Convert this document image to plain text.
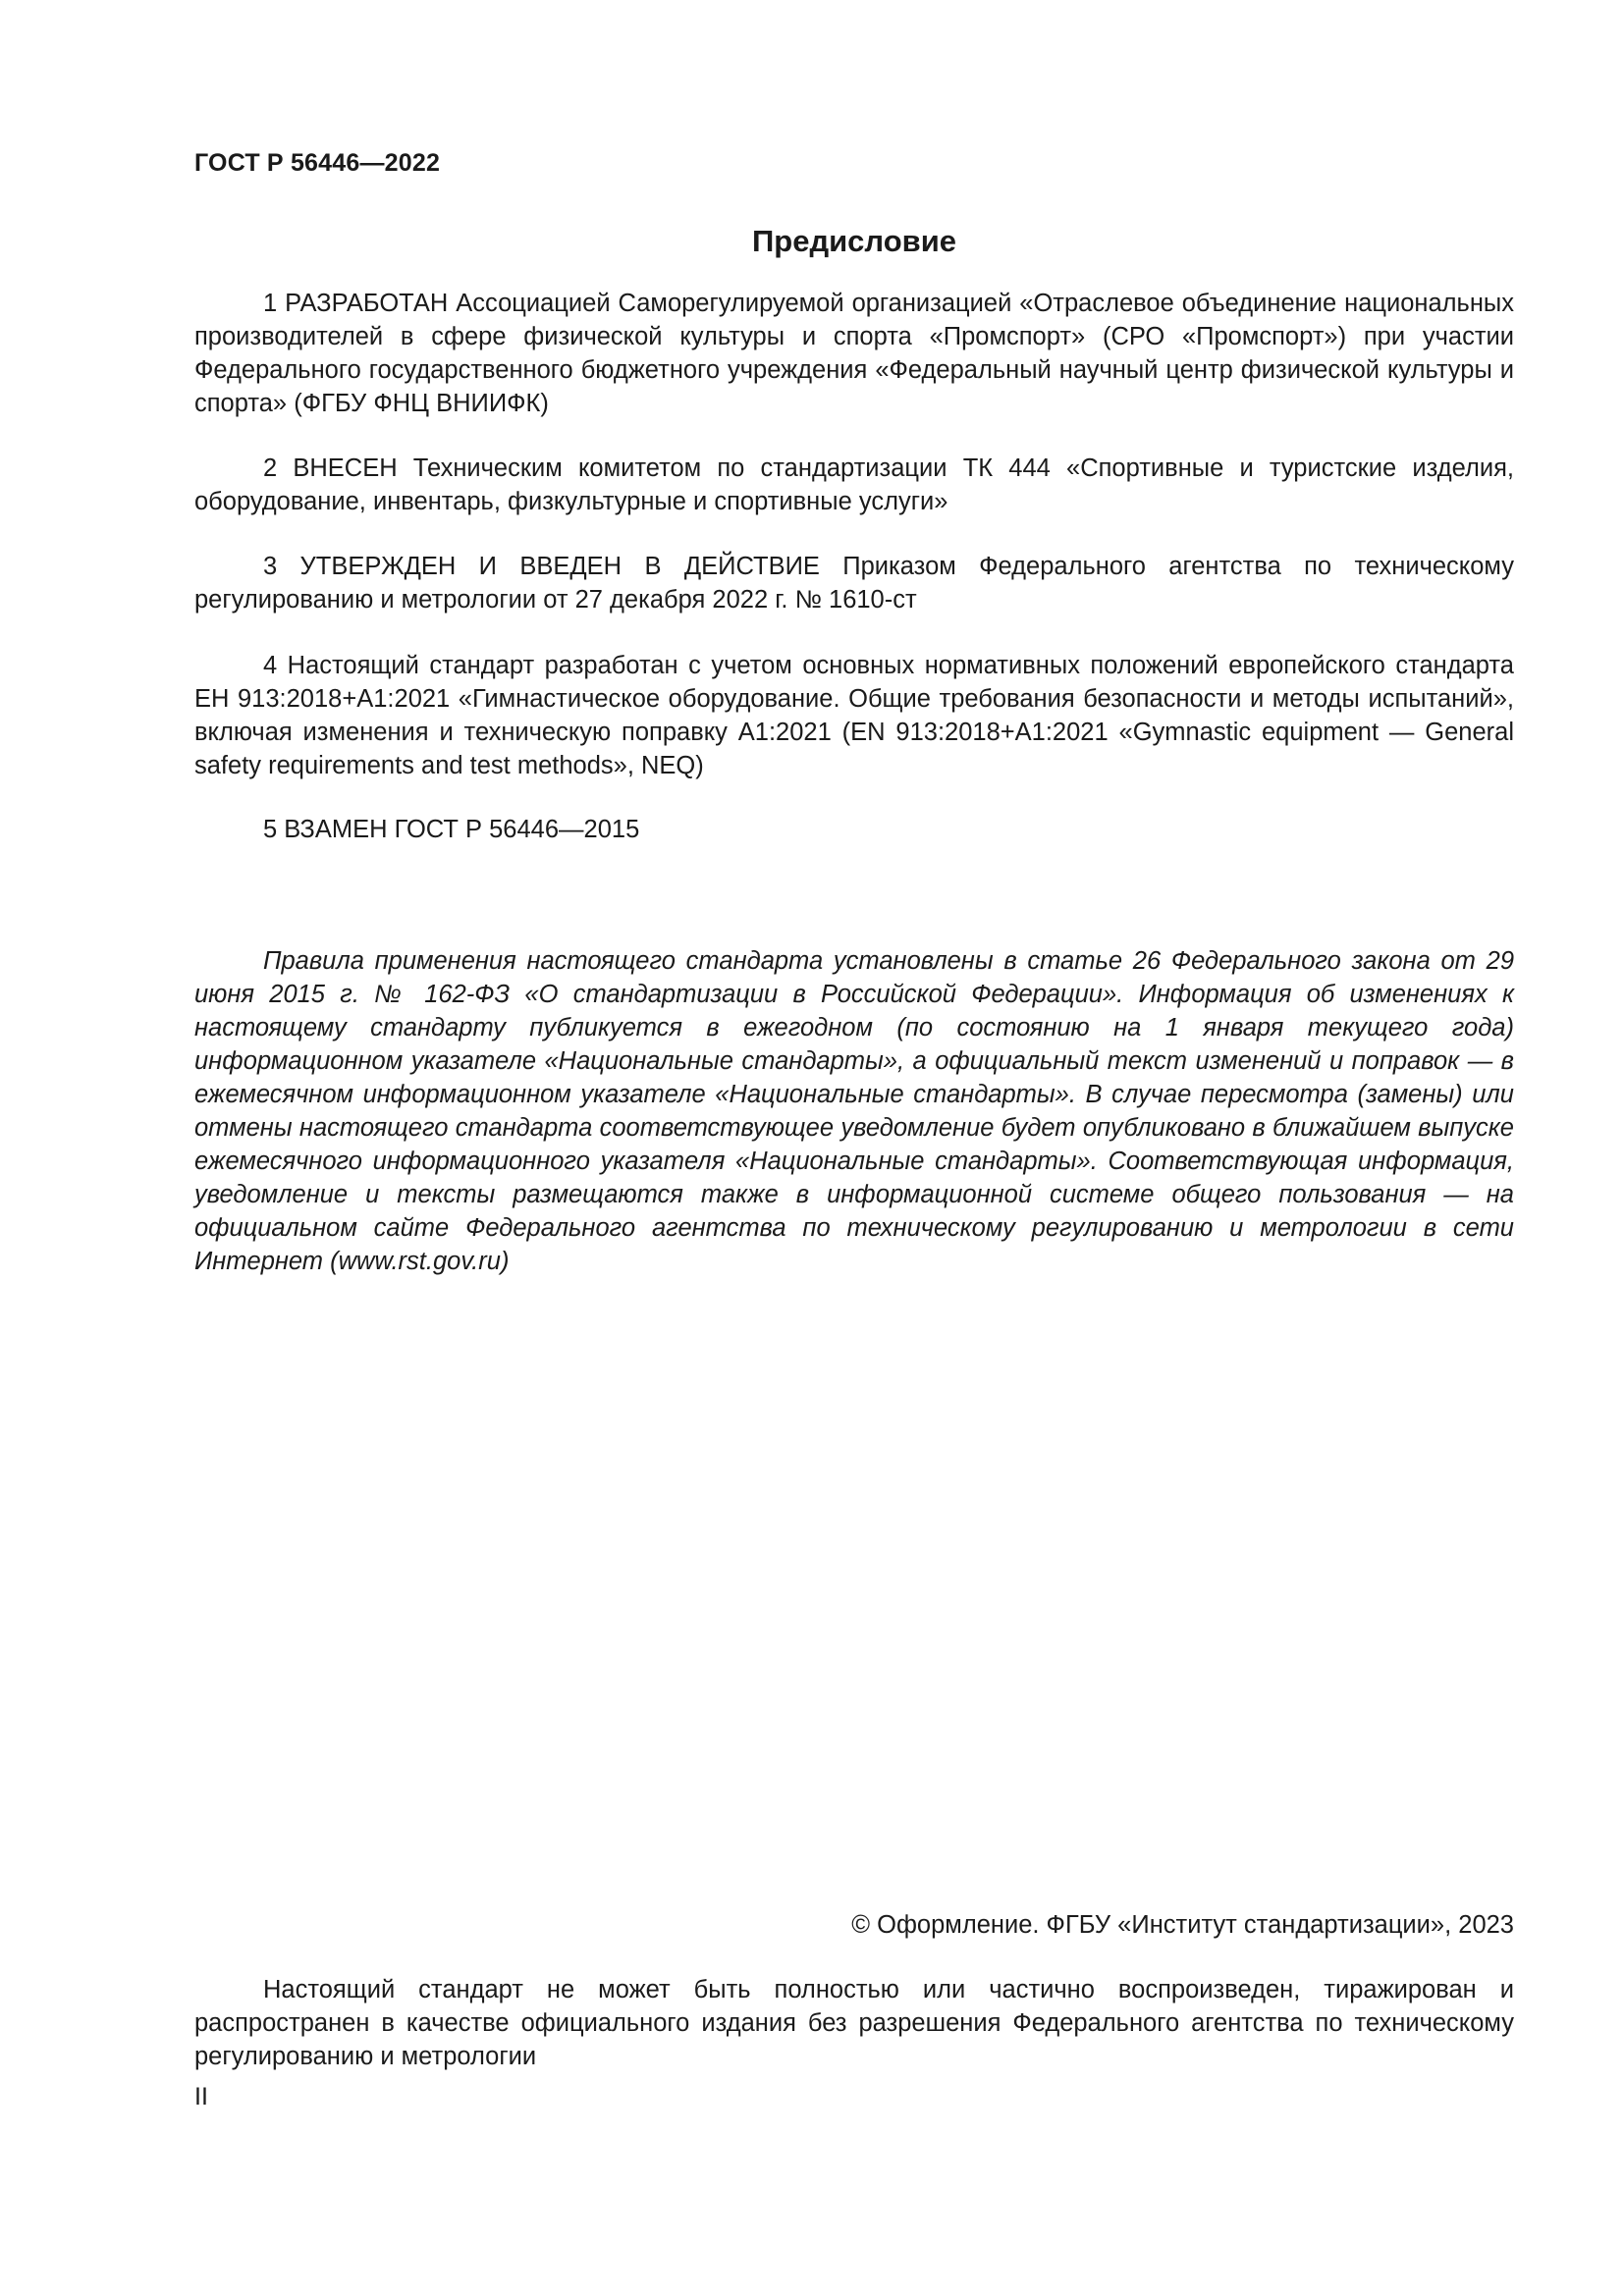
ГОСТ Р 56446—2022
Предисловие

1 РАЗРАБОТАН Ассоциацией Саморегулируемой организацией «Отраслевое объединение национальных производителей в сфере физической культуры и спорта «Промспорт» (СРО «Промспорт») при участии Федерального государственного бюджетного учреждения «Федеральный научный центр физической культуры и спорта» (ФГБУ ФНЦ ВНИИФК)

2 ВНЕСЕН Техническим комитетом по стандартизации ТК 444 «Спортивные и туристские изделия, оборудование, инвентарь, физкультурные и спортивные услуги»

3 УТВЕРЖДЕН И ВВЕДЕН В ДЕЙСТВИЕ Приказом Федерального агентства по техническому регулированию и метрологии от 27 декабря 2022 г. № 1610-ст

4 Настоящий стандарт разработан с учетом основных нормативных положений европейского стандарта ЕН 913:2018+А1:2021 «Гимнастическое оборудование. Общие требования безопасности и методы испытаний», включая изменения и техническую поправку А1:2021 (EN 913:2018+A1:2021 «Gymnastic equipment — General safety requirements and test methods», NEQ)

5 ВЗАМЕН ГОСТ Р 56446—2015

Правила применения настоящего стандарта установлены в статье 26 Федерального закона от 29 июня 2015 г. № 162-ФЗ «О стандартизации в Российской Федерации». Информация об изменениях к настоящему стандарту публикуется в ежегодном (по состоянию на 1 января текущего года) информационном указателе «Национальные стандарты», а официальный текст изменений и поправок — в ежемесячном информационном указателе «Национальные стандарты». В случае пересмотра (замены) или отмены настоящего стандарта соответствующее уведомление будет опубликовано в ближайшем выпуске ежемесячного информационного указателя «Национальные стандарты». Соответствующая информация, уведомление и тексты размещаются также в информационной системе общего пользования — на официальном сайте Федерального агентства по техническому регулированию и метрологии в сети Интернет (www.rst.gov.ru)

© Оформление. ФГБУ «Институт стандартизации», 2023

Настоящий стандарт не может быть полностью или частично воспроизведен, тиражирован и распространен в качестве официального издания без разрешения Федерального агентства по техническому регулированию и метрологии

II
